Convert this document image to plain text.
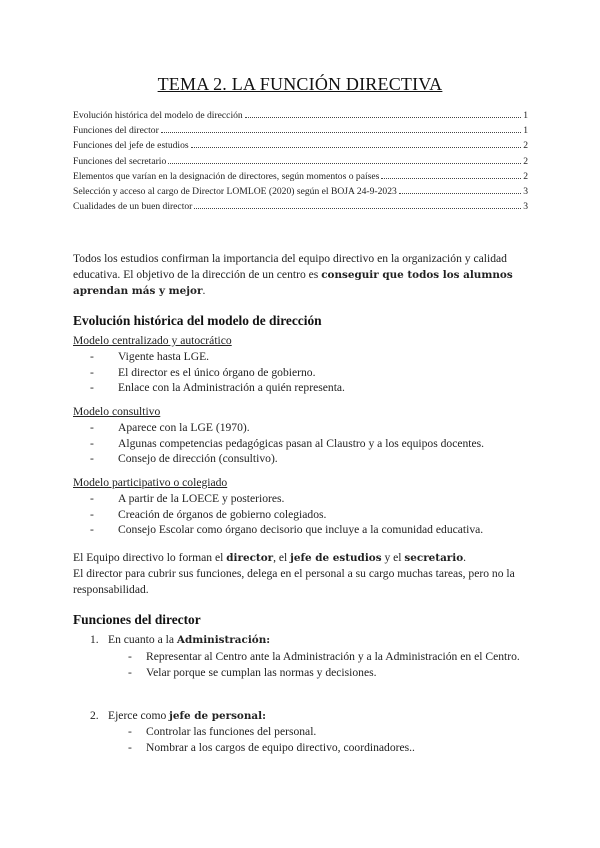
TEMA 2. LA FUNCIÓN DIRECTIVA
Evolución histórica del modelo de dirección	1
Funciones del director	1
Funciones del jefe de estudios	2
Funciones del secretario	2
Elementos que varían en la designación de directores, según momentos o países	2
Selección y acceso al cargo de Director LOMLOE (2020) según el BOJA 24-9-2023	3
Cualidades de un buen director	3
Todos los estudios confirman la importancia del equipo directivo en la organización y calidad educativa. El objetivo de la dirección de un centro es conseguir que todos los alumnos aprendan más y mejor.
Evolución histórica del modelo de dirección
Modelo centralizado y autocrático
- Vigente hasta LGE.
- El director es el único órgano de gobierno.
- Enlace con la Administración a quién representa.
Modelo consultivo
- Aparece con la LGE (1970).
- Algunas competencias pedagógicas pasan al Claustro y a los equipos docentes.
- Consejo de dirección (consultivo).
Modelo participativo o colegiado
- A partir de la LOECE y posteriores.
- Creación de órganos de gobierno colegiados.
- Consejo Escolar como órgano decisorio que incluye a la comunidad educativa.
El Equipo directivo lo forman el director, el jefe de estudios y el secretario.
El director para cubrir sus funciones, delega en el personal a su cargo muchas tareas, pero no la responsabilidad.
Funciones del director
1. En cuanto a la Administración:
- Representar al Centro ante la Administración y a la Administración en el Centro.
- Velar porque se cumplan las normas y decisiones.
2. Ejerce como jefe de personal:
- Controlar las funciones del personal.
- Nombrar a los cargos de equipo directivo, coordinadores..
